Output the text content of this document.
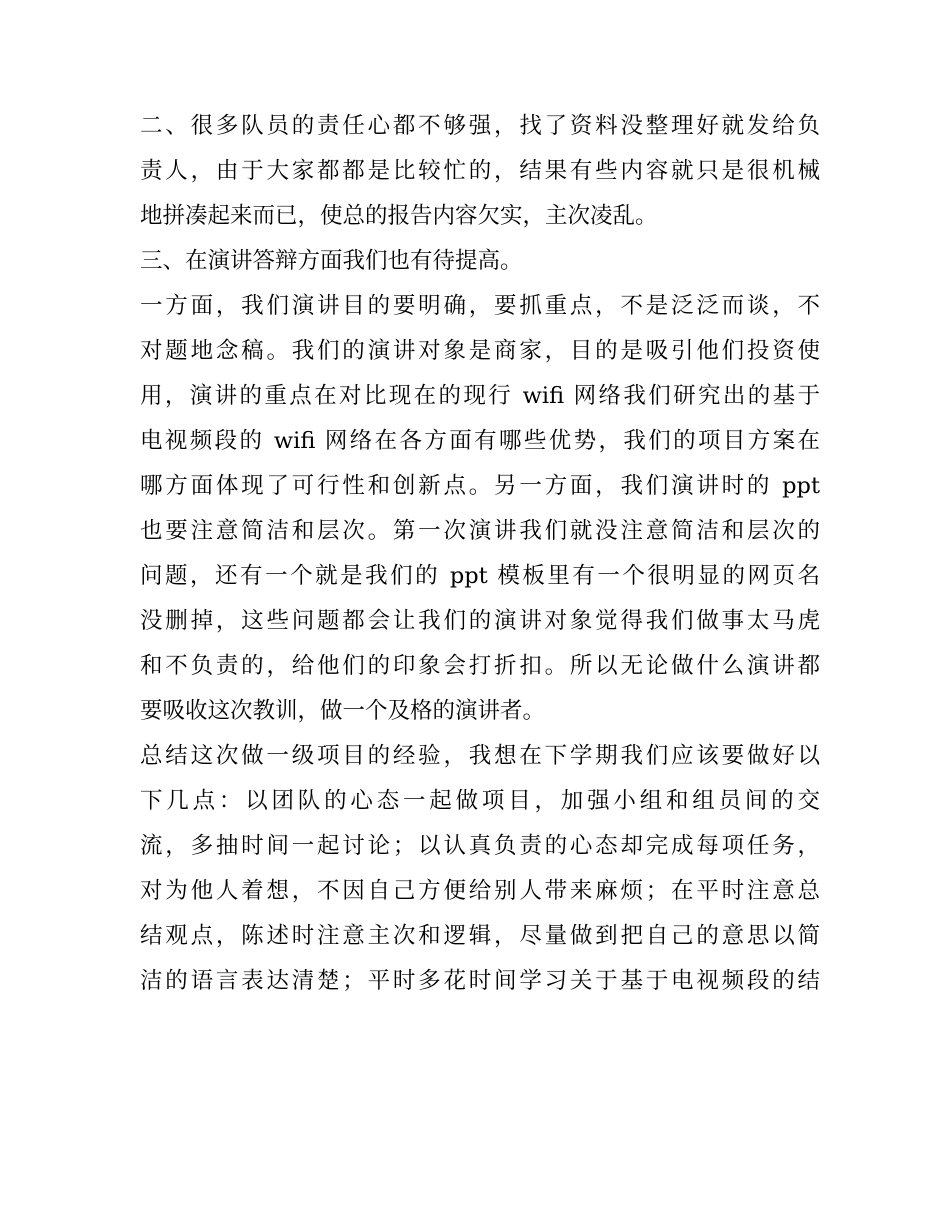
二、很多队员的责任心都不够强，找了资料没整理好就发给负
责人，由于大家都都是比较忙的，结果有些内容就只是很机械
地拼凑起来而已，使总的报告内容欠实，主次凌乱。
三、在演讲答辩方面我们也有待提高。
一方面，我们演讲目的要明确，要抓重点，不是泛泛而谈，不
对题地念稿。我们的演讲对象是商家，目的是吸引他们投资使
用，演讲的重点在对比现在的现行 wifi 网络我们研究出的基于
电视频段的 wifi 网络在各方面有哪些优势，我们的项目方案在
哪方面体现了可行性和创新点。另一方面，我们演讲时的 ppt
也要注意简洁和层次。第一次演讲我们就没注意简洁和层次的
问题，还有一个就是我们的 ppt 模板里有一个很明显的网页名
没删掉，这些问题都会让我们的演讲对象觉得我们做事太马虎
和不负责的，给他们的印象会打折扣。所以无论做什么演讲都
要吸收这次教训，做一个及格的演讲者。
总结这次做一级项目的经验，我想在下学期我们应该要做好以
下几点：以团队的心态一起做项目，加强小组和组员间的交
流，多抽时间一起讨论；以认真负责的心态却完成每项任务，
对为他人着想，不因自己方便给别人带来麻烦；在平时注意总
结观点，陈述时注意主次和逻辑，尽量做到把自己的意思以简
洁的语言表达清楚；平时多花时间学习关于基于电视频段的结
